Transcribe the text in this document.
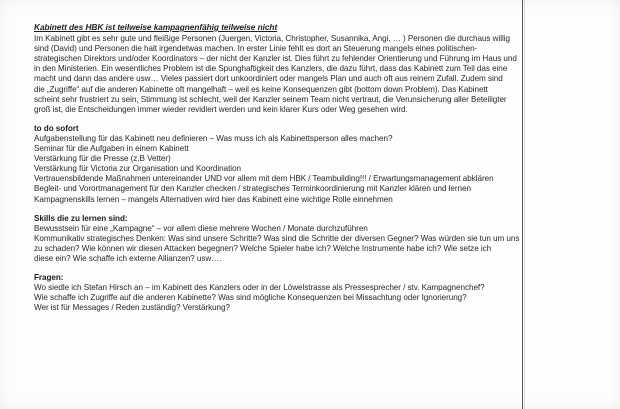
Kabinett des HBK ist teilweise kampagnenfähig teilweise nicht
Im Kabinett gibt es sehr gute und fleißige Personen (Juergen, Victoria, Christopher, Susannika, Angi, … ) Personen die durchaus willig
sind (David) und Personen die halt irgendetwas machen. In erster Linie fehlt es dort an Steuerung mangels eines politischen-
strategischen Direktors und/oder Koordinators – der nicht der Kanzler ist. Dies führt zu fehlender Orientierung und Führung im Haus und
in den Ministerien. Ein wesentliches Problem ist die Spunghaftigkeit des Kanzlers, die dazu führt, dass das Kabinett zum Teil das eine
macht und dann das andere usw… Vieles passiert dort unkoordiniert oder mangels Plan und auch oft aus reinem Zufall. Zudem sind
die „Zugriffe“ auf die anderen Kabinette oft mangelhaft – weil es keine Konsequenzen gibt (bottom down Problem). Das Kabinett
scheint sehr frustriert zu sein, Stimmung ist schlecht, weil der Kanzler seinem Team nicht vertraut, die Verunsicherung aller Beteiligter
groß ist, die Entscheidungen immer wieder revidiert werden und kein klarer Kurs oder Weg gesehen wird.
to do sofort
Aufgabenstellung für das Kabinett neu definieren – Was muss ich als Kabinettsperson alles machen?
Seminar für die Aufgaben in einem Kabinett
Verstärkung für die Presse (z.B Vetter)
Verstärkung für Victoria zur Organisation und Koordination
Vertrauensbildende Maßnahmen untereinander UND vor allem mit dem HBK / Teambuilding!!! / Erwartungsmanagement abklären
Begleit- und Vorortmanagement für den Kanzler checken / strategisches Terminkoordinierung mit Kanzler klären und lernen
Kampagnenskills lernen – mangels Alternativen wird hier das Kabinett eine wichtige Rolle einnehmen
Skills die zu lernen sind:
Bewusstsein für eine „Kampagne“ – vor allem diese mehrere Wochen / Monate durchzuführen
Kommunikativ strategisches Denken: Was sind unsere Schritte? Was sind die Schritte der diversen Gegner? Was würden sie tun um uns
zu schaden? Wie können wir diesen Attacken begegnen? Welche Spieler habe ich? Welche Instrumente habe ich? Wie setze ich
diese ein? Wie schaffe ich externe Allianzen? usw….
Fragen:
Wo siedle ich Stefan Hirsch an – im Kabinett des Kanzlers oder in der Löwelstrasse als Pressesprecher / stv. Kampagnenchef?
Wie schaffe ich Zugriffe auf die anderen Kabinette? Was sind mögliche Konsequenzen bei Missachtung oder Ignorierung?
Wer ist für Messages / Reden zuständig? Verstärkung?
